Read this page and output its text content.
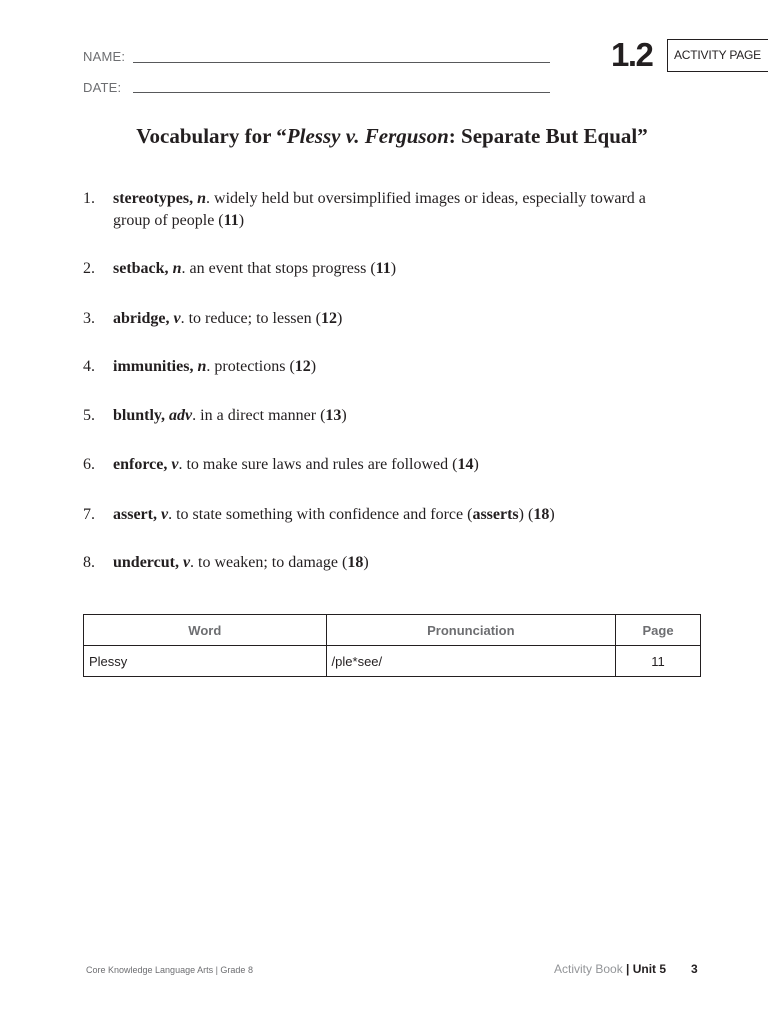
NAME:
DATE:
1.2 ACTIVITY PAGE
Vocabulary for “Plessy v. Ferguson: Separate But Equal”
1. stereotypes, n. widely held but oversimplified images or ideas, especially toward a group of people (11)
2. setback, n. an event that stops progress (11)
3. abridge, v. to reduce; to lessen (12)
4. immunities, n. protections (12)
5. bluntly, adv. in a direct manner (13)
6. enforce, v. to make sure laws and rules are followed (14)
7. assert, v. to state something with confidence and force (asserts) (18)
8. undercut, v. to weaken; to damage (18)
Word	Pronunciation	Page
Plessy	/ple*see/	11
Core Knowledge Language Arts | Grade 8	Activity Book | Unit 5 3
